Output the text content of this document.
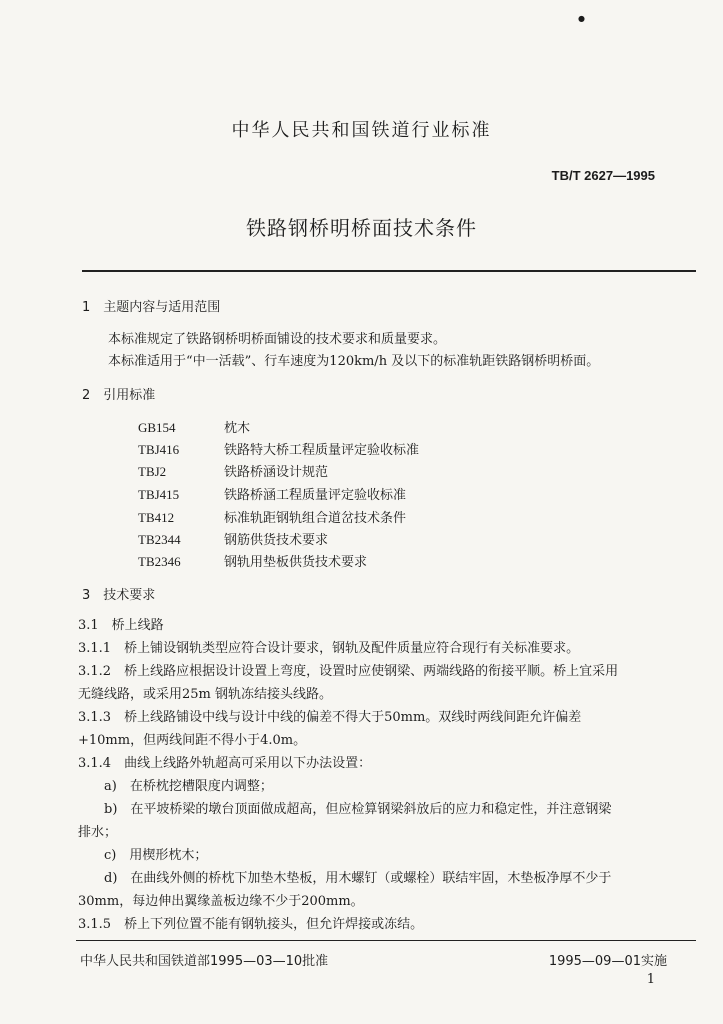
●
中华人民共和国铁道行业标准
TB/T 2627—1995
铁路钢桥明桥面技术条件
1　主题内容与适用范围
本标准规定了铁路钢桥明桥面铺设的技术要求和质量要求。
本标准适用于“中一活载”、行车速度为120km/h 及以下的标准轨距铁路钢桥明桥面。
2　引用标准
GB154	枕木
TBJ416	铁路特大桥工程质量评定验收标准
TBJ2	铁路桥涵设计规范
TBJ415	铁路桥涵工程质量评定验收标准
TB412	标准轨距钢轨组合道岔技术条件
TB2344	钢筋供货技术要求
TB2346	钢轨用垫板供货技术要求
3　技术要求
3.1　桥上线路
3.1.1　桥上铺设钢轨类型应符合设计要求，钢轨及配件质量应符合现行有关标准要求。
3.1.2　桥上线路应根据设计设置上弯度，设置时应使钢梁、两端线路的衔接平顺。桥上宜采用
无缝线路，或采用25m 钢轨冻结接头线路。
3.1.3　桥上线路铺设中线与设计中线的偏差不得大于50mm。双线时两线间距允许偏差
+10mm，但两线间距不得小于4.0m。
3.1.4　曲线上线路外轨超高可采用以下办法设置：
a)　在桥枕挖槽限度内调整；
b)　在平坡桥梁的墩台顶面做成超高，但应检算钢梁斜放后的应力和稳定性，并注意钢梁
排水；
c)　用楔形枕木；
d)　在曲线外侧的桥枕下加垫木垫板，用木螺钉（或螺栓）联结牢固，木垫板净厚不少于
30mm，每边伸出翼缘盖板边缘不少于200mm。
3.1.5　桥上下列位置不能有钢轨接头，但允许焊接或冻结。
中华人民共和国铁道部1995—03—10批准	1995—09—01实施
1
